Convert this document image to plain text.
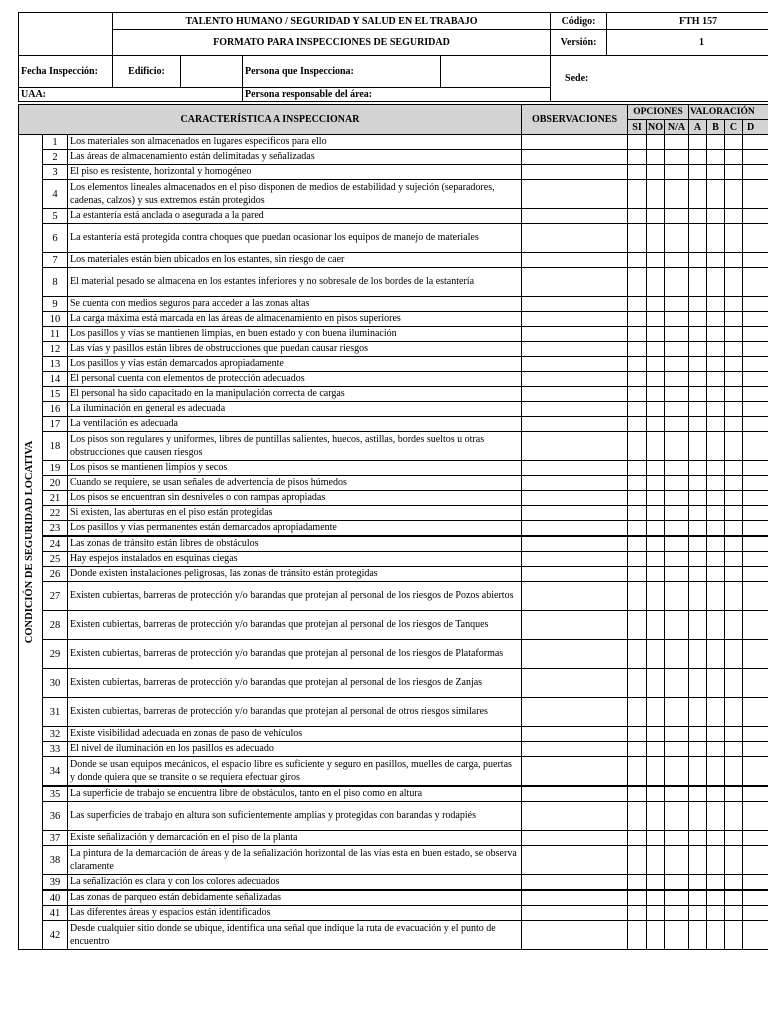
	TALENTO HUMANO / SEGURIDAD Y SALUD EN EL TRABAJO				Código:	FTH 157
	FORMATO PARA INSPECCIONES DE SEGURIDAD				Versión:	1
Fecha Inspección:	Edificio:		Persona que Inspecciona:		Sede:	
UAA:			Persona responsable del área:			
CARACTERÍSTICA A INSPECCIONAR			OBSERVACIONES	OPCIONES			VALORACIÓN			
				SI	NO	N/A	A	B	C	D

CONDICIÓN DE SEGURIDAD LOCATIVA	1	Los materiales son almacenados en lugares específicos para ello								
	2	Las áreas de almacenamiento están delimitadas y señalizadas								
	3	El piso es resistente, horizontal y homogéneo								
	4	Los elementos lineales almacenados en el piso disponen de medios de estabilidad y sujeción (separadores, cadenas, calzos) y sus extremos están protegidos								
	5	La estantería está anclada o asegurada a la pared								
	6	La estantería está protegida contra choques que puedan ocasionar los equipos de manejo de materiales								
	7	Los materiales están bien ubicados en los estantes, sin riesgo de caer								
	8	El material pesado se almacena en los estantes inferiores y no sobresale de los bordes de la estantería								
	9	Se cuenta con medios seguros para acceder a las zonas altas								
	10	La carga máxima está marcada en las áreas de almacenamiento en pisos superiores								
	11	Los pasillos y vías se mantienen limpias, en buen estado y con buena iluminación								
	12	Las vías y pasillos están libres de obstrucciones que puedan causar riesgos								
	13	Los pasillos y vías están demarcados apropiadamente								
	14	El personal cuenta con elementos de protección adecuados								
	15	El personal ha sido capacitado en la manipulación correcta de cargas								
	16	La iluminación en general es adecuada								
	17	La ventilación es adecuada								
	18	Los pisos son regulares y uniformes, libres de puntillas salientes, huecos, astillas, bordes sueltos u otras obstrucciones que causen riesgos								
	19	Los pisos se mantienen limpios y secos								
	20	Cuando se requiere, se usan señales de advertencia de pisos húmedos								
	21	Los pisos se encuentran sin desniveles o con rampas apropiadas								
	22	Si existen, las aberturas en el piso están protegidas								
	23	Los pasillos y vías permanentes están demarcados apropiadamente								
	24	Las zonas de tránsito están libres de obstáculos								
	25	Hay espejos instalados en esquinas ciegas								
	26	Donde existen instalaciones peligrosas, las zonas de tránsito están protegidas								
	27	Existen cubiertas, barreras de protección y/o barandas que protejan al personal de los riesgos de Pozos abiertos								
	28	Existen cubiertas, barreras de protección y/o barandas que protejan al personal de los riesgos de Tanques								
	29	Existen cubiertas, barreras de protección y/o barandas que protejan al personal de los riesgos de Plataformas								
	30	Existen cubiertas, barreras de protección y/o barandas que protejan al personal de los riesgos de Zanjas								
	31	Existen cubiertas, barreras de protección y/o barandas que protejan al personal de otros riesgos similares								
	32	Existe visibilidad adecuada en zonas de paso de vehículos								
	33	El nivel de iluminación en los pasillos es adecuado								
	34	Donde se usan equipos mecánicos, el espacio libre es suficiente y seguro en pasillos, muelles de carga, puertas y donde quiera que se transite o se requiera efectuar giros								
	35	La superficie de trabajo se encuentra libre de obstáculos, tanto en el piso como en altura								
	36	Las superficies de trabajo en altura son suficientemente amplias y protegidas con barandas y rodapiés								
	37	Existe señalización y demarcación en el piso de la planta								
	38	La pintura de la demarcación de áreas y de la señalización horizontal de las vías esta en buen estado, se observa claramente								
	39	La señalización es clara y con los colores adecuados								
	40	Las zonas de parqueo están debidamente señalizadas								
	41	Las diferentes áreas y espacios están identificados								
	42	Desde cualquier sitio donde se ubique, identifica una señal que indique la ruta de evacuación y el punto de encuentro								
